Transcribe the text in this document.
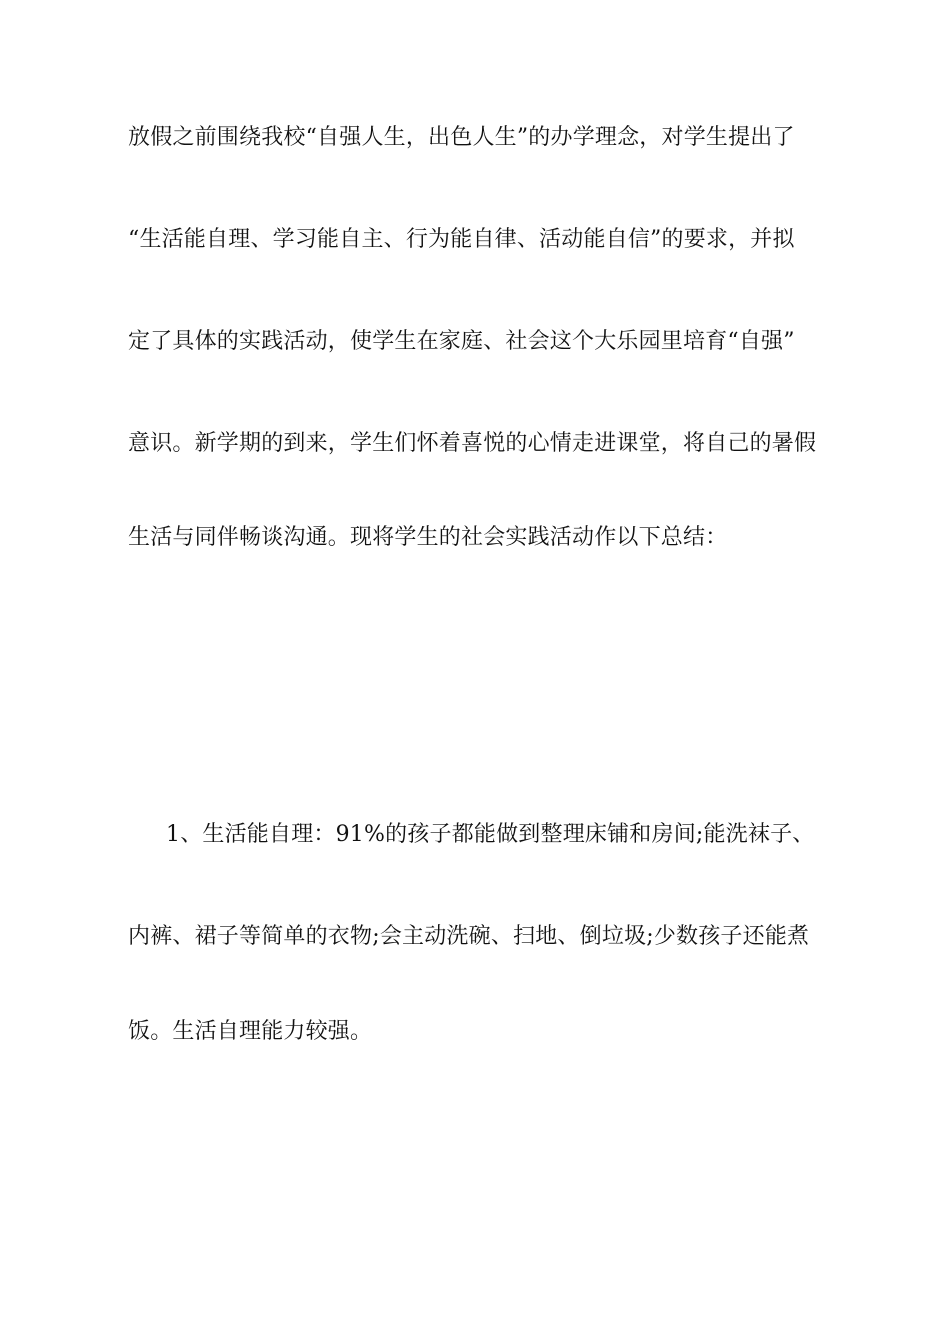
放假之前围绕我校“自强人生，出色人生”的办学理念，对学生提出了
“生活能自理、学习能自主、行为能自律、活动能自信”的要求，并拟
定了具体的实践活动，使学生在家庭、社会这个大乐园里培育“自强”
意识。新学期的到来，学生们怀着喜悦的心情走进课堂，将自己的暑假
生活与同伴畅谈沟通。现将学生的社会实践活动作以下总结：
1、生活能自理：91%的孩子都能做到整理床铺和房间;能洗袜子、
内裤、裙子等简单的衣物;会主动洗碗、扫地、倒垃圾;少数孩子还能煮
饭。生活自理能力较强。
